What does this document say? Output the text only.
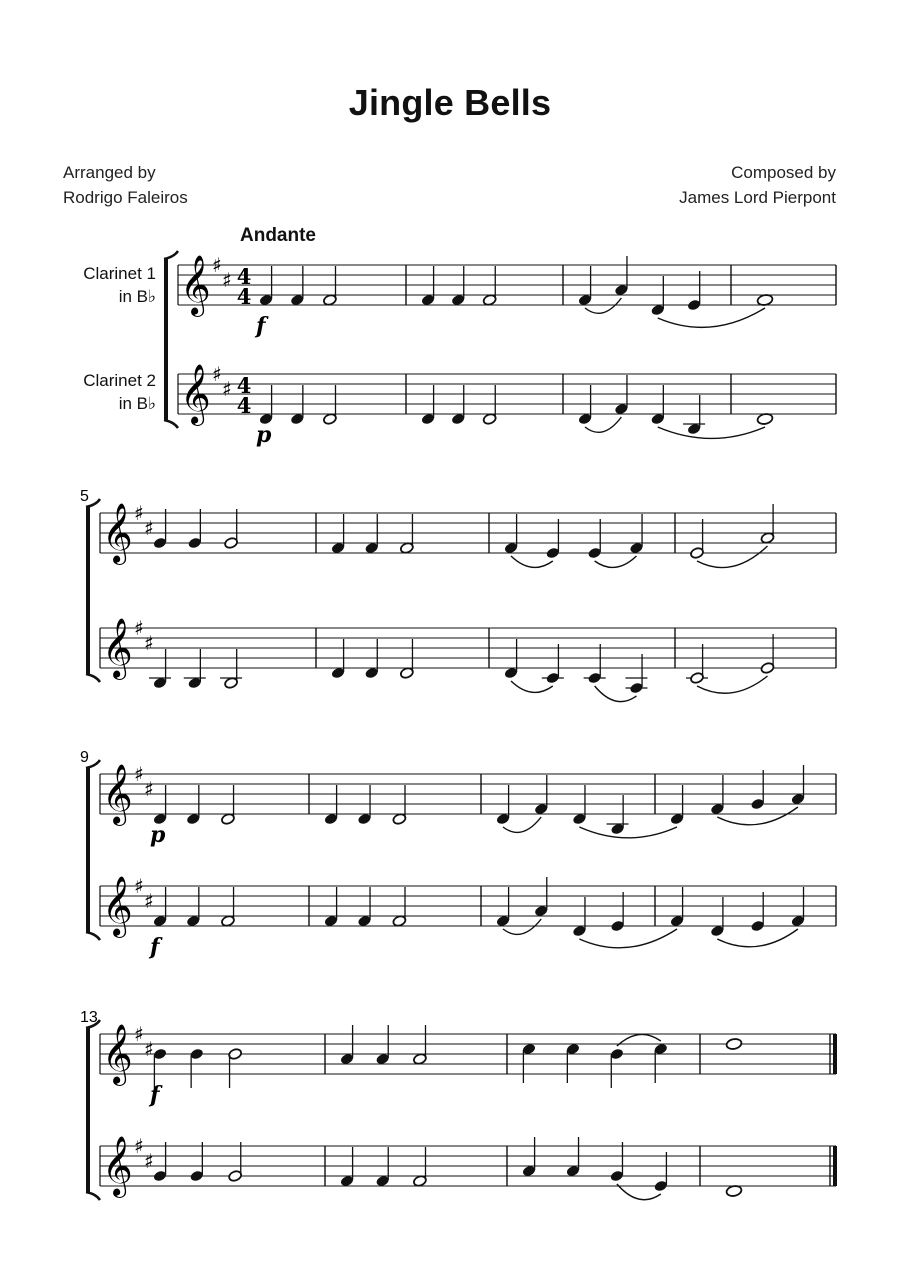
Jingle Bells
Arranged by
Rodrigo Faleiros
Composed by
James Lord Pierpont
Andante
Clarinet 1
in B♭
Clarinet 2
in B♭
𝄞 ♯
♯
𝄞 ♯
♯
4
4
4
4
f
p
𝄞 ♯
♯
𝄞 ♯
♯
5
𝄞 ♯
♯
𝄞 ♯
♯
9
p
f
𝄞 ♯
♯
𝄞 ♯
♯
13
f
